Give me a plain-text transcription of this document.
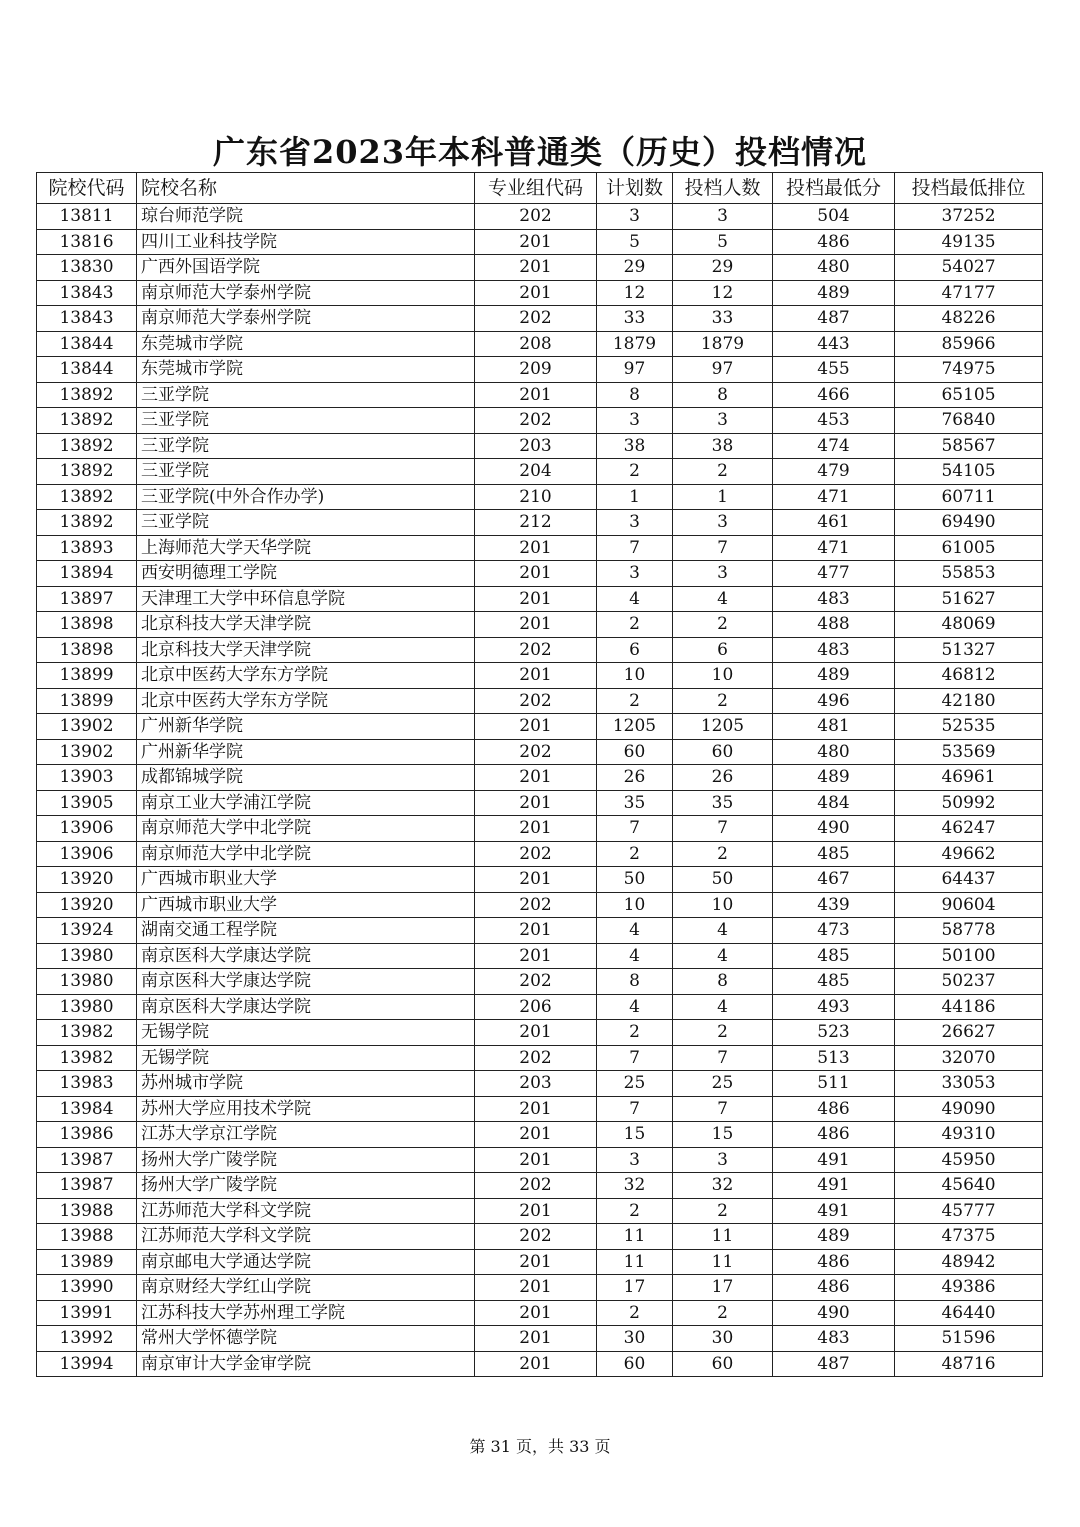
广东省2023年本科普通类（历史）投档情况
院校代码	院校名称	专业组代码	计划数	投档人数	投档最低分	投档最低排位
13811	琼台师范学院	202	3	3	504	37252
13816	四川工业科技学院	201	5	5	486	49135
13830	广西外国语学院	201	29	29	480	54027
13843	南京师范大学泰州学院	201	12	12	489	47177
13843	南京师范大学泰州学院	202	33	33	487	48226
13844	东莞城市学院	208	1879	1879	443	85966
13844	东莞城市学院	209	97	97	455	74975
13892	三亚学院	201	8	8	466	65105
13892	三亚学院	202	3	3	453	76840
13892	三亚学院	203	38	38	474	58567
13892	三亚学院	204	2	2	479	54105
13892	三亚学院(中外合作办学)	210	1	1	471	60711
13892	三亚学院	212	3	3	461	69490
13893	上海师范大学天华学院	201	7	7	471	61005
13894	西安明德理工学院	201	3	3	477	55853
13897	天津理工大学中环信息学院	201	4	4	483	51627
13898	北京科技大学天津学院	201	2	2	488	48069
13898	北京科技大学天津学院	202	6	6	483	51327
13899	北京中医药大学东方学院	201	10	10	489	46812
13899	北京中医药大学东方学院	202	2	2	496	42180
13902	广州新华学院	201	1205	1205	481	52535
13902	广州新华学院	202	60	60	480	53569
13903	成都锦城学院	201	26	26	489	46961
13905	南京工业大学浦江学院	201	35	35	484	50992
13906	南京师范大学中北学院	201	7	7	490	46247
13906	南京师范大学中北学院	202	2	2	485	49662
13920	广西城市职业大学	201	50	50	467	64437
13920	广西城市职业大学	202	10	10	439	90604
13924	湖南交通工程学院	201	4	4	473	58778
13980	南京医科大学康达学院	201	4	4	485	50100
13980	南京医科大学康达学院	202	8	8	485	50237
13980	南京医科大学康达学院	206	4	4	493	44186
13982	无锡学院	201	2	2	523	26627
13982	无锡学院	202	7	7	513	32070
13983	苏州城市学院	203	25	25	511	33053
13984	苏州大学应用技术学院	201	7	7	486	49090
13986	江苏大学京江学院	201	15	15	486	49310
13987	扬州大学广陵学院	201	3	3	491	45950
13987	扬州大学广陵学院	202	32	32	491	45640
13988	江苏师范大学科文学院	201	2	2	491	45777
13988	江苏师范大学科文学院	202	11	11	489	47375
13989	南京邮电大学通达学院	201	11	11	486	48942
13990	南京财经大学红山学院	201	17	17	486	49386
13991	江苏科技大学苏州理工学院	201	2	2	490	46440
13992	常州大学怀德学院	201	30	30	483	51596
13994	南京审计大学金审学院	201	60	60	487	48716
第 31 页，共 33 页
